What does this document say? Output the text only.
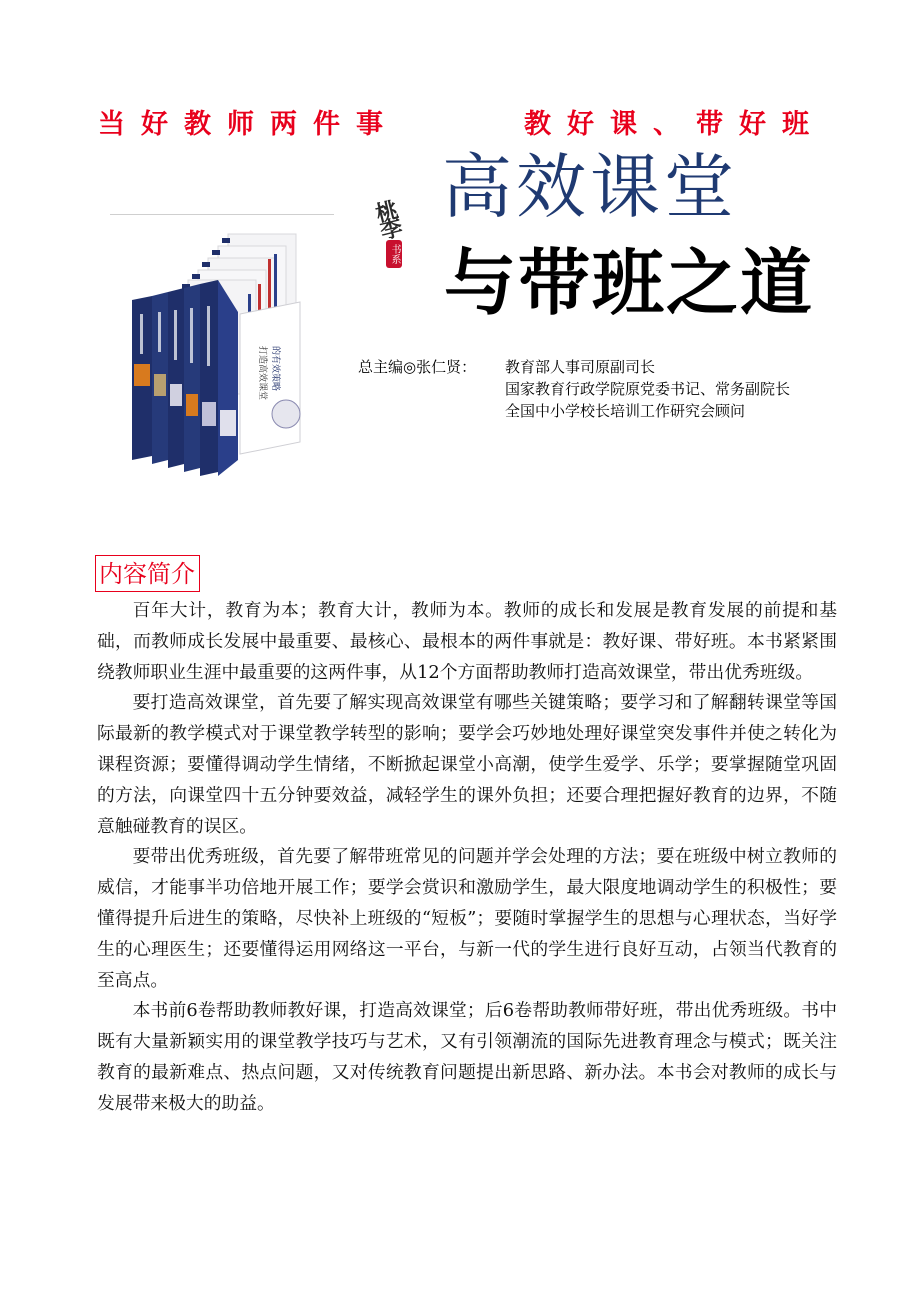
当好教师两件事	教好课、带好班
打造高效课堂 的有效策略
桃李
书系
高效课堂
与带班之道
总主编◎张仁贤： 教育部人事司原副司长
国家教育行政学院原党委书记、常务副院长
全国中小学校长培训工作研究会顾问
内容简介

百年大计，教育为本；教育大计，教师为本。教师的成长和发展是教育发展的前提和基础，而教师成长发展中最重要、最核心、最根本的两件事就是：教好课、带好班。本书紧紧围绕教师职业生涯中最重要的这两件事，从12个方面帮助教师打造高效课堂，带出优秀班级。

要打造高效课堂，首先要了解实现高效课堂有哪些关键策略；要学习和了解翻转课堂等国际最新的教学模式对于课堂教学转型的影响；要学会巧妙地处理好课堂突发事件并使之转化为课程资源；要懂得调动学生情绪，不断掀起课堂小高潮，使学生爱学、乐学；要掌握随堂巩固的方法，向课堂四十五分钟要效益，减轻学生的课外负担；还要合理把握好教育的边界，不随意触碰教育的误区。

要带出优秀班级，首先要了解带班常见的问题并学会处理的方法；要在班级中树立教师的威信，才能事半功倍地开展工作；要学会赏识和激励学生，最大限度地调动学生的积极性；要懂得提升后进生的策略，尽快补上班级的“短板”；要随时掌握学生的思想与心理状态，当好学生的心理医生；还要懂得运用网络这一平台，与新一代的学生进行良好互动，占领当代教育的至高点。

本书前6卷帮助教师教好课，打造高效课堂；后6卷帮助教师带好班，带出优秀班级。书中既有大量新颖实用的课堂教学技巧与艺术，又有引领潮流的国际先进教育理念与模式；既关注教育的最新难点、热点问题，又对传统教育问题提出新思路、新办法。本书会对教师的成长与发展带来极大的助益。
